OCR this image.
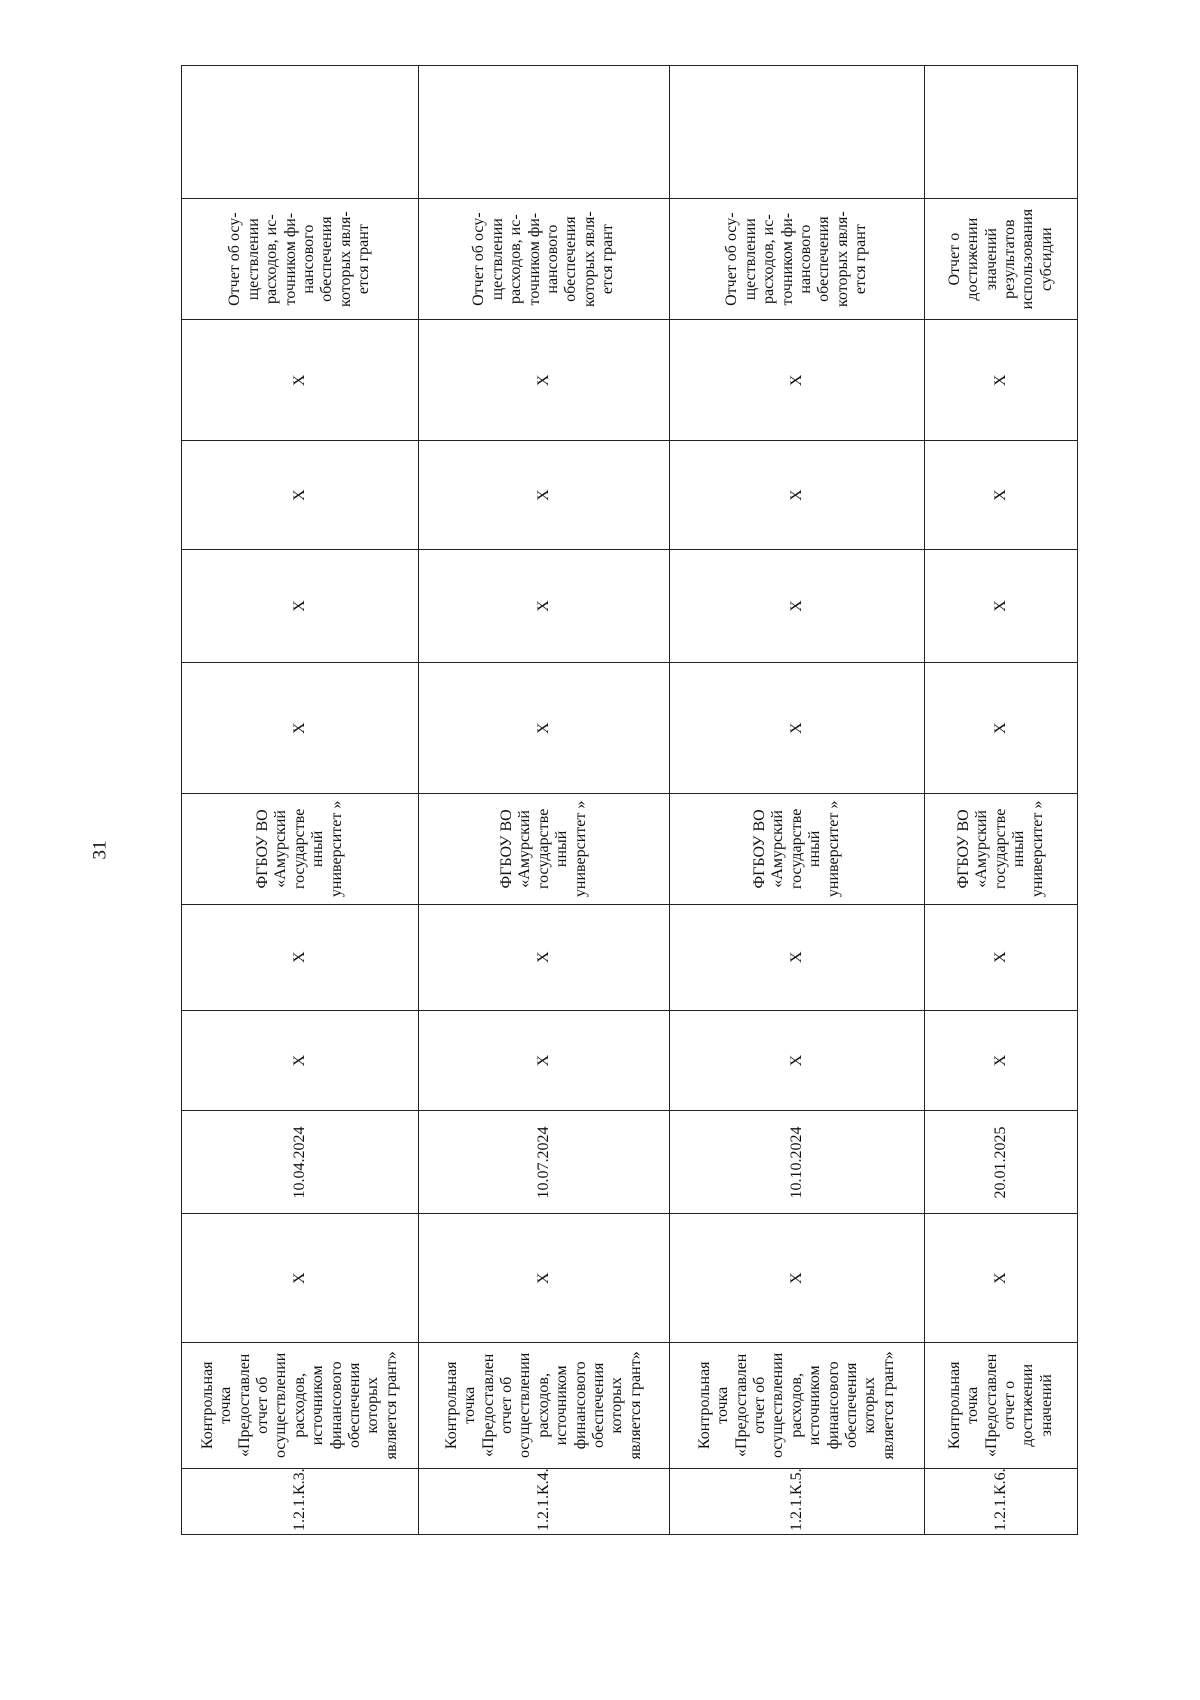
31
1.2.1.К.3.	Контрольная точка «Предоставлен отчет об осуществлении расходов, источником финансового обеспечения которых является грант»	X	10.04.2024	X	X	ФГБОУ ВО «Амурский государстве нный университет »	X	X	X	X	Отчет об осу- ществлении расходов, ис- точником фи- нансового обеспечения которых явля- ется грант	
1.2.1.К.4.	Контрольная точка «Предоставлен отчет об осуществлении расходов, источником финансового обеспечения которых является грант»	X	10.07.2024	X	X	ФГБОУ ВО «Амурский государстве нный университет »	X	X	X	X	Отчет об осу- ществлении расходов, ис- точником фи- нансового обеспечения которых явля- ется грант	
1.2.1.К.5.	Контрольная точка «Предоставлен отчет об осуществлении расходов, источником финансового обеспечения которых является грант»	X	10.10.2024	X	X	ФГБОУ ВО «Амурский государстве нный университет »	X	X	X	X	Отчет об осу- ществлении расходов, ис- точником фи- нансового обеспечения которых явля- ется грант	
1.2.1.К.6.	Контрольная точка «Предоставлен отчет о достижении значений	X	20.01.2025	X	X	ФГБОУ ВО «Амурский государстве нный университет »	X	X	X	X	Отчет о достижении значений результатов использования субсидии	
